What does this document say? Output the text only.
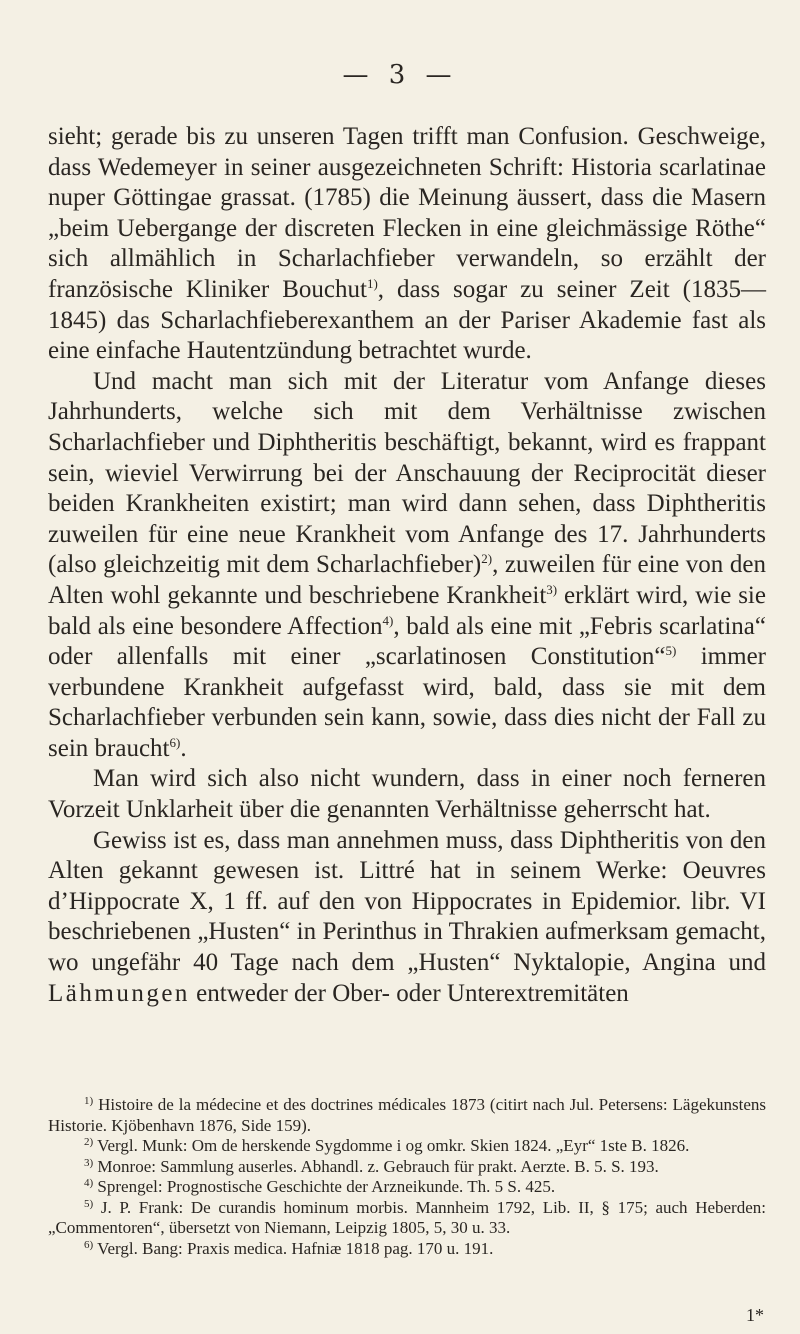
— 3 —

sieht; gerade bis zu unseren Tagen trifft man Confusion. Geschweige, dass Wedemeyer in seiner ausgezeichneten Schrift: Historia scarlatinae nuper Göttingae grassat. (1785) die Meinung äussert, dass die Masern „beim Uebergange der discreten Flecken in eine gleichmässige Röthe“ sich allmählich in Scharlachfieber verwandeln, so erzählt der französische Kliniker Bouchut$^{1)}$, dass sogar zu seiner Zeit (1835—1845) das Scharlachfieberexanthem an der Pariser Akademie fast als eine einfache Hautentzündung betrachtet wurde.

Und macht man sich mit der Literatur vom Anfange dieses Jahrhunderts, welche sich mit dem Verhältnisse zwischen Scharlachfieber und Diphtheritis beschäftigt, bekannt, wird es frappant sein, wieviel Verwirrung bei der Anschauung der Reciprocität dieser beiden Krankheiten existirt; man wird dann sehen, dass Diphtheritis zuweilen für eine neue Krankheit vom Anfange des 17. Jahrhunderts (also gleichzeitig mit dem Scharlachfieber)$^{2)}$, zuweilen für eine von den Alten wohl gekannte und beschriebene Krankheit$^{3)}$ erklärt wird, wie sie bald als eine besondere Affection$^{4)}$, bald als eine mit „Febris scarlatina“ oder allenfalls mit einer „scarlatinosen Constitution“$^{5)}$ immer verbundene Krankheit aufgefasst wird, bald, dass sie mit dem Scharlachfieber verbunden sein kann, sowie, dass dies nicht der Fall zu sein braucht$^{6)}$.

Man wird sich also nicht wundern, dass in einer noch ferneren Vorzeit Unklarheit über die genannten Verhältnisse geherrscht hat.

Gewiss ist es, dass man annehmen muss, dass Diphtheritis von den Alten gekannt gewesen ist. Littré hat in seinem Werke: Oeuvres d’Hippocrate X, 1 ff. auf den von Hippocrates in Epidemior. libr. VI beschriebenen „Husten“ in Perinthus in Thrakien aufmerksam gemacht, wo ungefähr 40 Tage nach dem „Husten“ Nyktalopie, Angina und Lähmungen entweder der Ober- oder Unterextremitäten

$^{1)}$ Histoire de la médecine et des doctrines médicales 1873 (citirt nach Jul. Petersens: Lägekunstens Historie. Kjöbenhavn 1876, Side 159).

$^{2)}$ Vergl. Munk: Om de herskende Sygdomme i og omkr. Skien 1824. „Eyr“ 1ste B. 1826.

$^{3)}$ Monroe: Sammlung auserles. Abhandl. z. Gebrauch für prakt. Aerzte. B. 5. S. 193.

$^{4)}$ Sprengel: Prognostische Geschichte der Arzneikunde. Th. 5 S. 425.

$^{5)}$ J. P. Frank: De curandis hominum morbis. Mannheim 1792, Lib. II, § 175; auch Heberden: „Commentoren“, übersetzt von Niemann, Leipzig 1805, 5, 30 u. 33.

$^{6)}$ Vergl. Bang: Praxis medica. Hafniæ 1818 pag. 170 u. 191.

1*
